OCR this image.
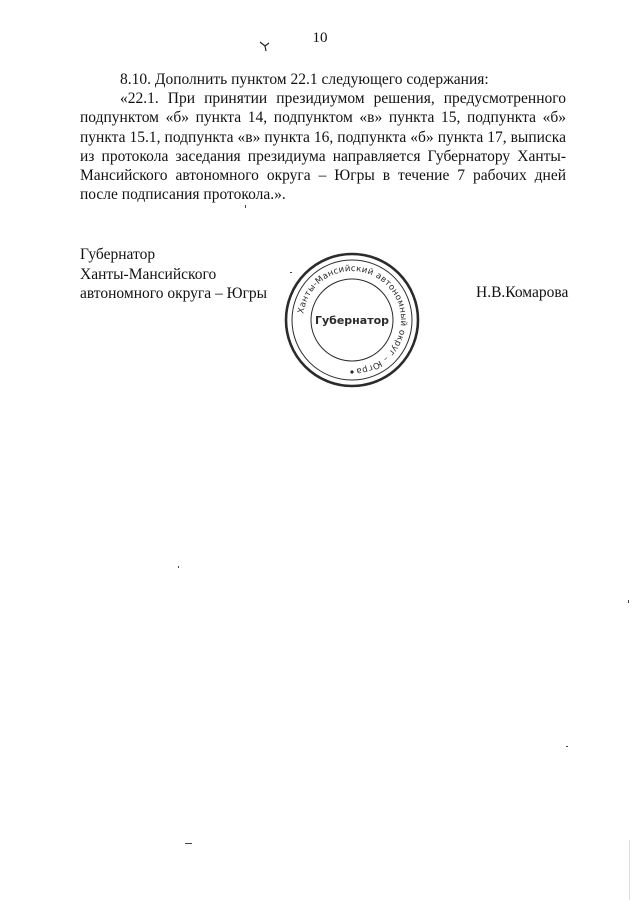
10

8.10. Дополнить пунктом 22.1 следующего содержания:

«22.1. При принятии президиумом решения, предусмотренного подпунктом «б» пункта 14, подпунктом «в» пункта 15, подпункта «б» пункта 15.1, подпункта «в» пункта 16, подпункта «б» пункта 17, выписка из протокола заседания президиума направляется Губернатору Ханты-Мансийского автономного округа – Югры в течение 7 рабочих дней после подписания протокола.».

Губернатор
Ханты-Мансийского
автономного округа – Югры	Н.В.Комарова
Ханты-Мансийский автономный округ – Югра
Губернатор
